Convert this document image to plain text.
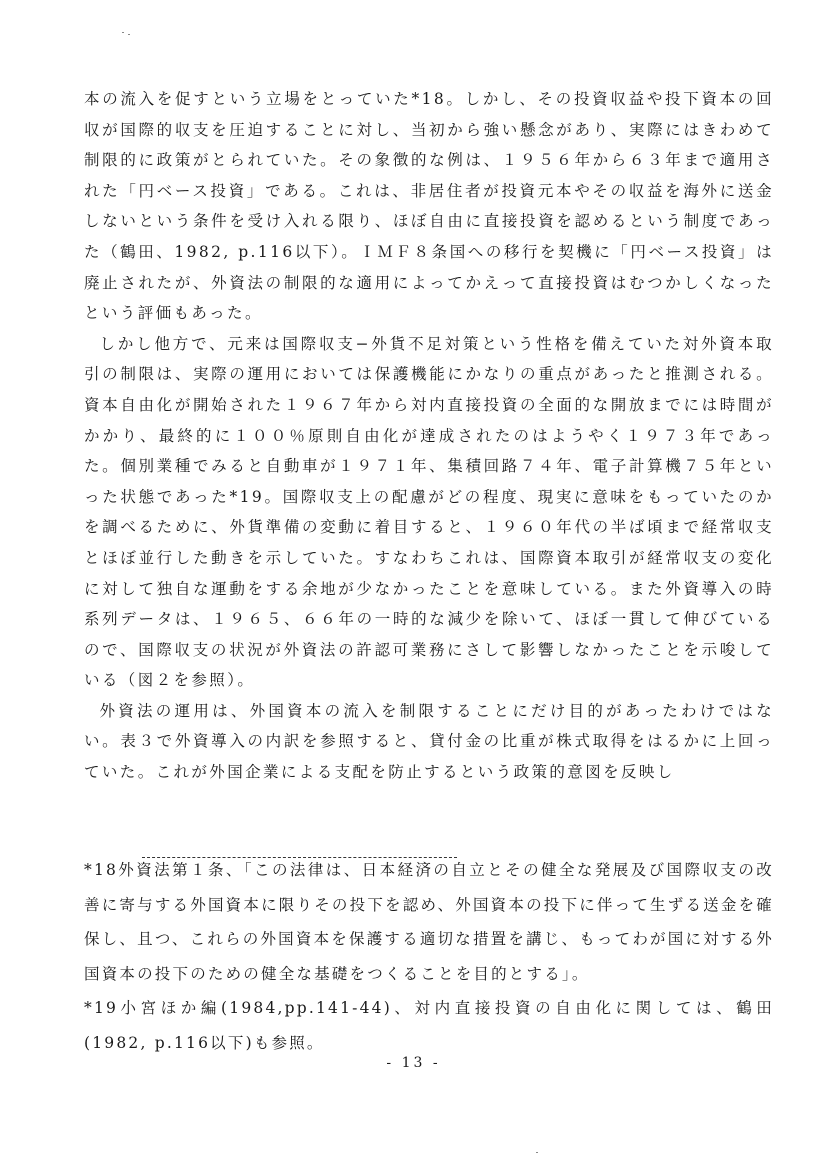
本の流入を促すという立場をとっていた*18。しかし、その投資収益や投下資本の回収が国際的収支を圧迫することに対し、当初から強い懸念があり、実際にはきわめて制限的に政策がとられていた。その象徴的な例は、１９５６年から６３年まで適用された「円ベース投資」である。これは、非居住者が投資元本やその収益を海外に送金しないという条件を受け入れる限り、ほぼ自由に直接投資を認めるという制度であった（鶴田、1982, p.116以下）。ＩＭＦ８条国への移行を契機に「円ベース投資」は廃止されたが、外資法の制限的な適用によってかえって直接投資はむつかしくなったという評価もあった。

しかし他方で、元来は国際収支−外貨不足対策という性格を備えていた対外資本取引の制限は、実際の運用においては保護機能にかなりの重点があったと推測される。資本自由化が開始された１９６７年から対内直接投資の全面的な開放までには時間がかかり、最終的に１００％原則自由化が達成されたのはようやく１９７３年であった。個別業種でみると自動車が１９７１年、集積回路７４年、電子計算機７５年といった状態であった*19。国際収支上の配慮がどの程度、現実に意味をもっていたのかを調べるために、外貨準備の変動に着目すると、１９６０年代の半ば頃まで経常収支とほぼ並行した動きを示していた。すなわちこれは、国際資本取引が経常収支の変化に対して独自な運動をする余地が少なかったことを意味している。また外資導入の時系列データは、１９６５、６６年の一時的な減少を除いて、ほぼ一貫して伸びているので、国際収支の状況が外資法の許認可業務にさして影響しなかったことを示唆している（図２を参照）。

外資法の運用は、外国資本の流入を制限することにだけ目的があったわけではない。表３で外資導入の内訳を参照すると、貸付金の比重が株式取得をはるかに上回っていた。これが外国企業による支配を防止するという政策的意図を反映し

*18外資法第１条、「この法律は、日本経済の自立とその健全な発展及び国際収支の改善に寄与する外国資本に限りその投下を認め、外国資本の投下に伴って生ずる送金を確保し、且つ、これらの外国資本を保護する適切な措置を講じ、もってわが国に対する外国資本の投下のための健全な基礎をつくることを目的とする」。

*19小宮ほか編(1984,pp.141-44)、対内直接投資の自由化に関しては、鶴田(1982, p.116以下)も参照。

- 13 -
